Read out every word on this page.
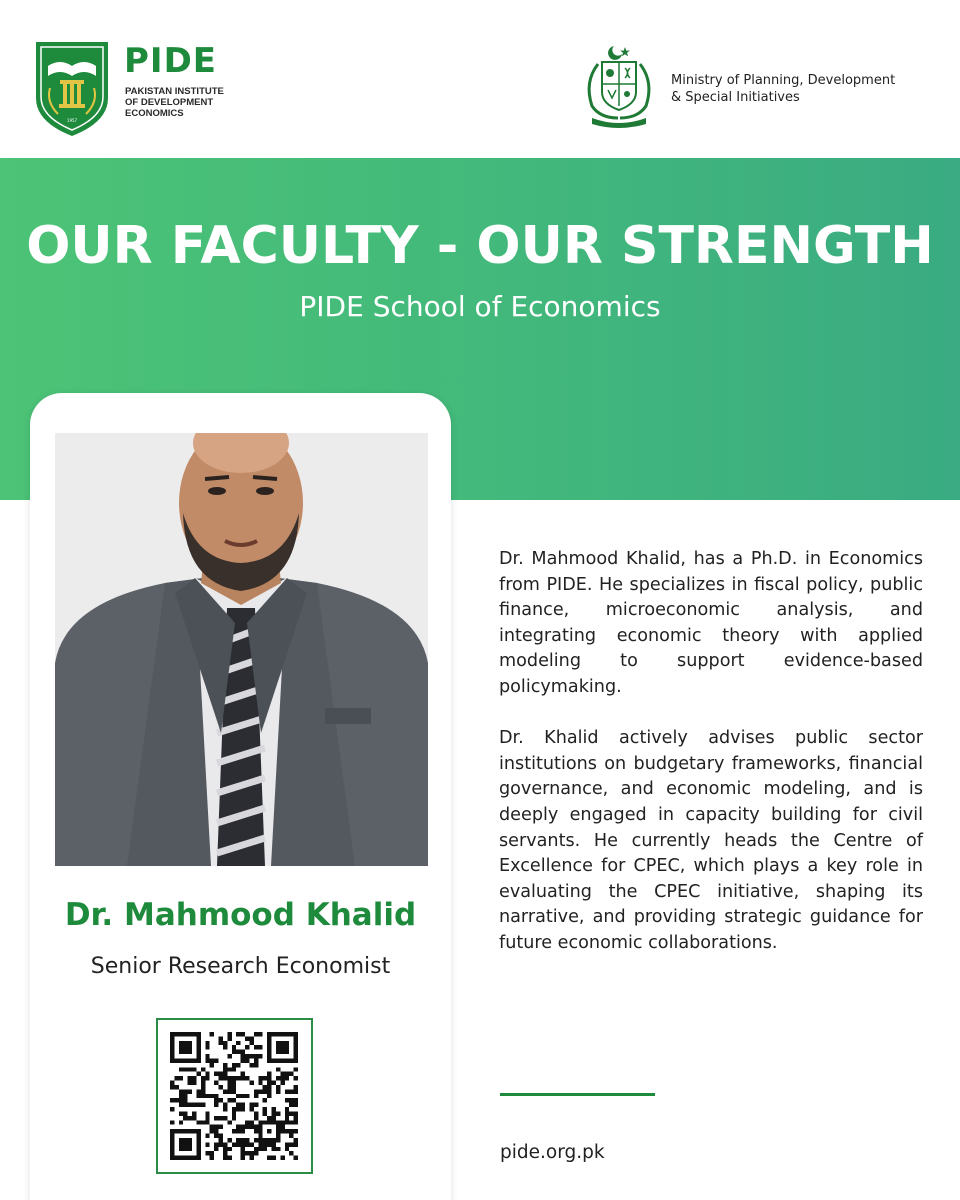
1957
PIDE
PAKISTAN INSTITUTE
OF DEVELOPMENT
ECONOMICS
Ministry of Planning, Development
& Special Initiatives
OUR FACULTY - OUR STRENGTH
PIDE School of Economics
Dr. Mahmood Khalid
Senior Research Economist

Dr. Mahmood Khalid, has a Ph.D. in Economics from PIDE. He specializes in fiscal policy, public finance, microeconomic analysis, and integrating economic theory with applied modeling to support evidence-based policymaking.

Dr. Khalid actively advises public sector institutions on budgetary frameworks, financial governance, and economic modeling, and is deeply engaged in capacity building for civil servants. He currently heads the Centre of Excellence for CPEC, which plays a key role in evaluating the CPEC initiative, shaping its narrative, and providing strategic guidance for future economic collaborations.

pide.org.pk
